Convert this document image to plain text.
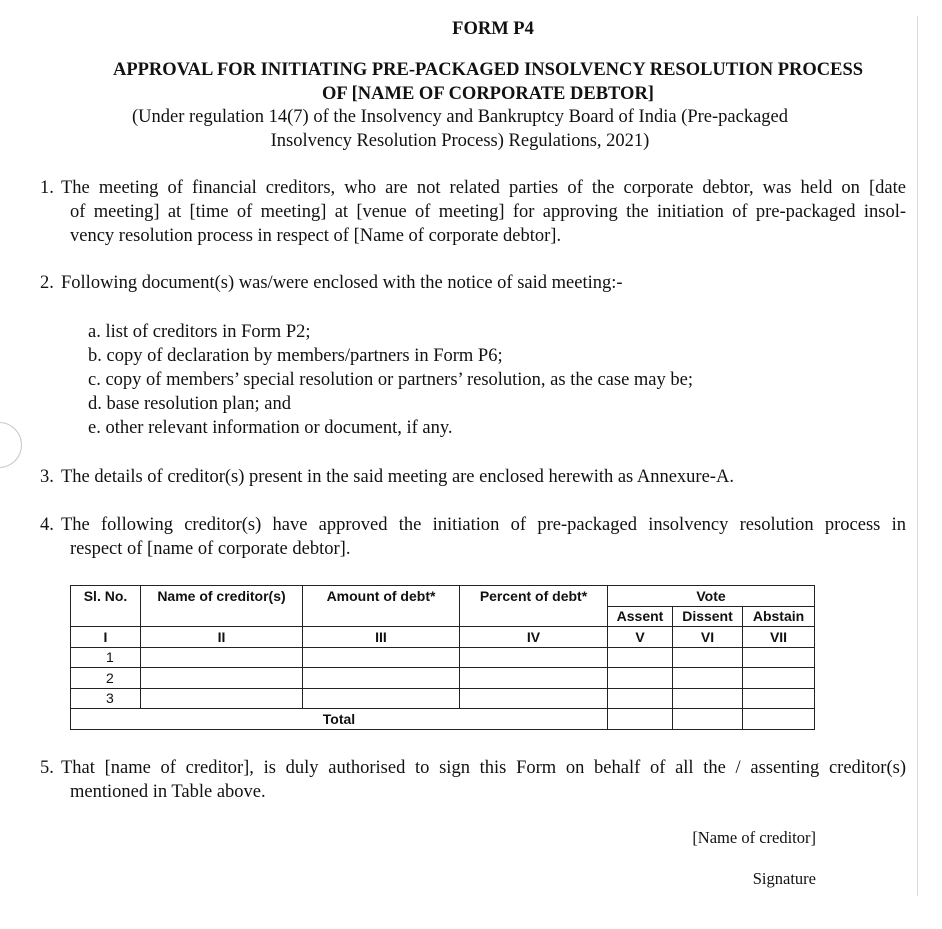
FORM P4
APPROVAL FOR INITIATING PRE-PACKAGED INSOLVENCY RESOLUTION PROCESS
OF [NAME OF CORPORATE DEBTOR]
(Under regulation 14(7) of the Insolvency and Bankruptcy Board of India (Pre-packaged
Insolvency Resolution Process) Regulations, 2021)
1. The meeting of financial creditors, who are not related parties of the corporate debtor, was held on [date
of meeting] at [time of meeting] at [venue of meeting] for approving the initiation of pre-packaged insol-
vency resolution process in respect of [Name of corporate debtor].
2. Following document(s) was/were enclosed with the notice of said meeting:-
a. list of creditors in Form P2;
b. copy of declaration by members/partners in Form P6;
c. copy of members’ special resolution or partners’ resolution, as the case may be;
d. base resolution plan; and
e. other relevant information or document, if any.
3. The details of creditor(s) present in the said meeting are enclosed herewith as Annexure-A.
4. The following creditor(s) have approved the initiation of pre-packaged insolvency resolution process in
respect of [name of corporate debtor].
Sl. No.	Name of creditor(s)	Amount of debt*	Percent of debt*	Vote		
				Assent	Dissent	Abstain
I	II	III	IV	V	VI	VII
1						
2						
3						
Total						
5. That [name of creditor], is duly authorised to sign this Form on behalf of all the / assenting creditor(s)
mentioned in Table above.
[Name of creditor]
Signature
